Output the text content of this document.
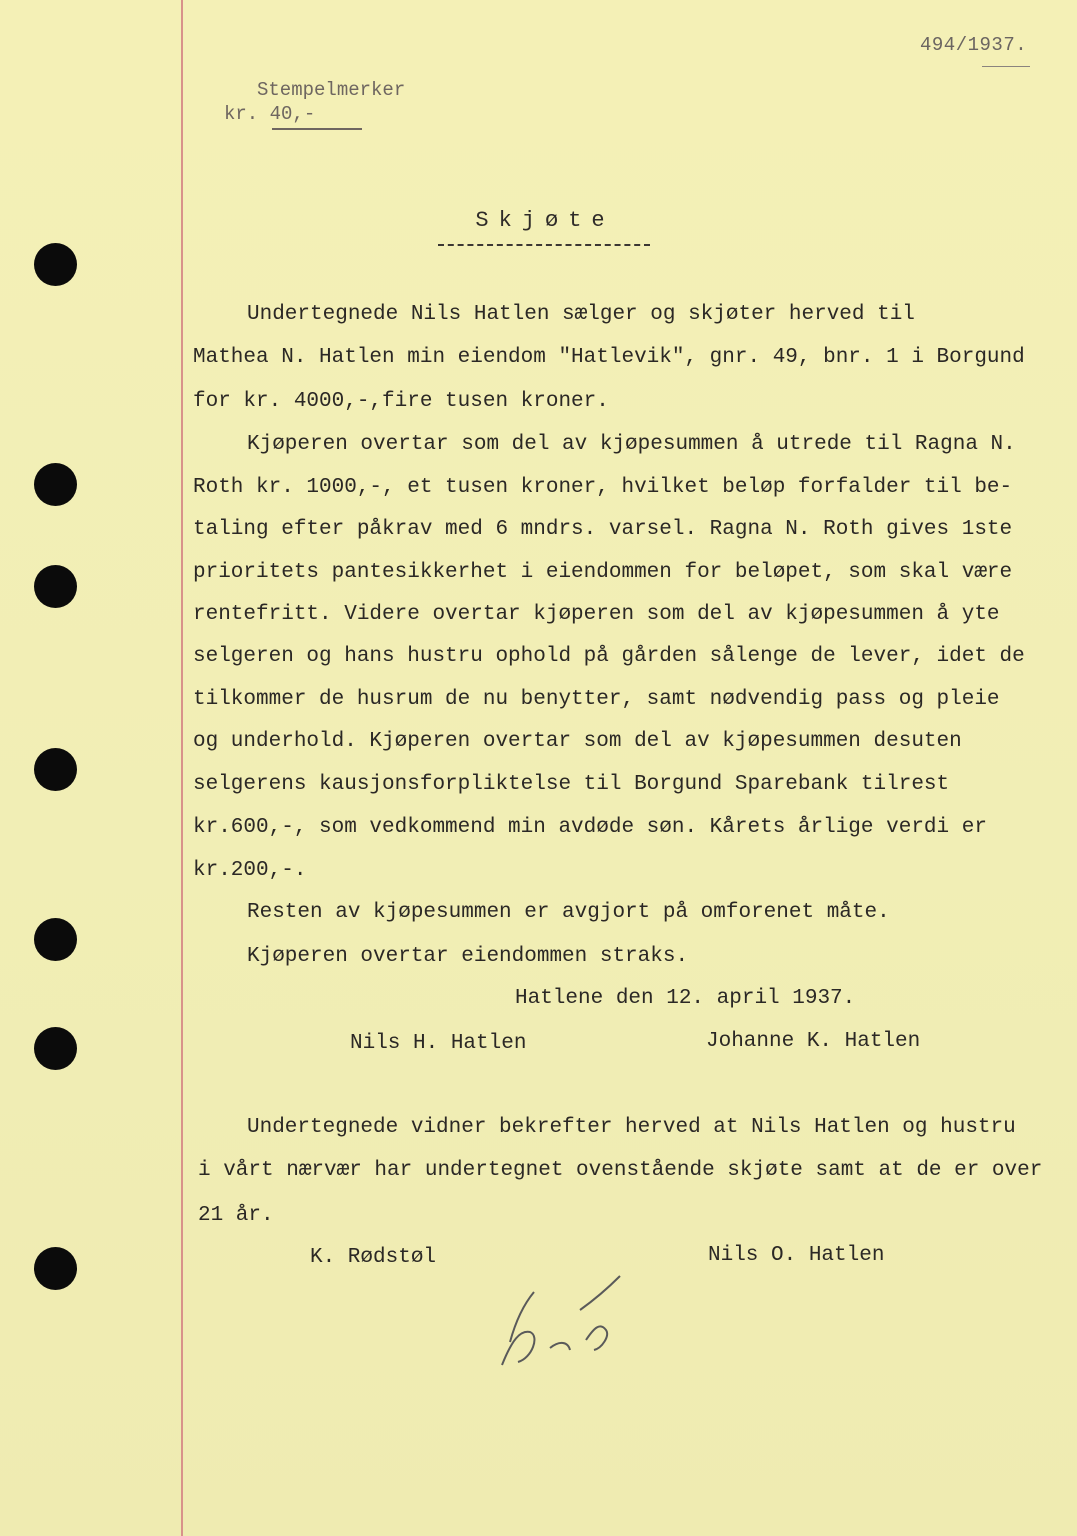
494/1937.
Stempelmerker
kr. 40,-
Skjøte
Undertegnede Nils Hatlen sælger og skjøter herved til
Mathea N. Hatlen min eiendom "Hatlevik", gnr. 49, bnr. 1 i Borgund
for kr. 4000,-,fire tusen kroner.
Kjøperen overtar som del av kjøpesummen å utrede til Ragna N.
Roth kr. 1000,-, et tusen kroner, hvilket beløp forfalder til be-
taling efter påkrav med 6 mndrs. varsel. Ragna N. Roth gives 1ste
prioritets pantesikkerhet i eiendommen for beløpet, som skal være
rentefritt. Videre overtar kjøperen som del av kjøpesummen å yte
selgeren og hans hustru ophold på gården sålenge de lever, idet de
tilkommer de husrum de nu benytter, samt nødvendig pass og pleie
og underhold. Kjøperen overtar som del av kjøpesummen desuten
selgerens kausjonsforpliktelse til Borgund Sparebank tilrest
kr.600,-, som vedkommend min avdøde søn. Kårets årlige verdi er
kr.200,-.
Resten av kjøpesummen er avgjort på omforenet måte.
Kjøperen overtar eiendommen straks.
Hatlene den 12. april 1937.
Nils H. Hatlen	Johanne K. Hatlen
Undertegnede vidner bekrefter herved at Nils Hatlen og hustru
i vårt nærvær har undertegnet ovenstående skjøte samt at de er over
21 år.
K. Rødstøl	Nils O. Hatlen
